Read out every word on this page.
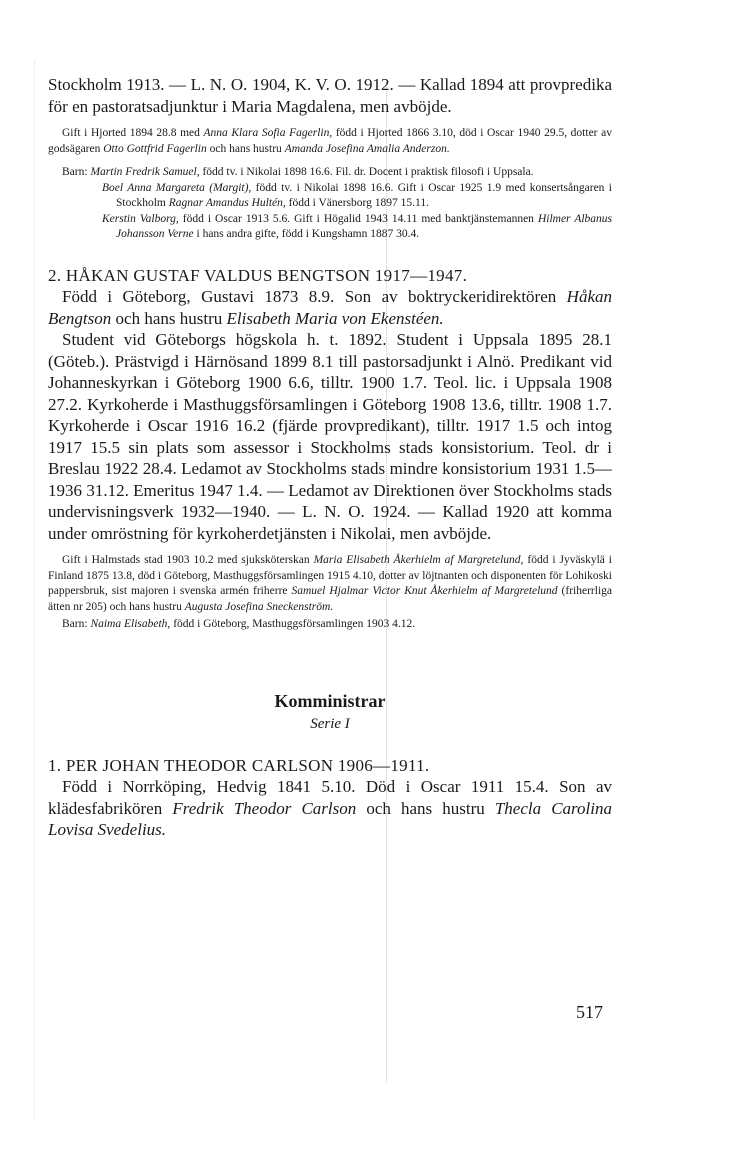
Stockholm 1913. — L. N. O. 1904, K. V. O. 1912. — Kallad 1894 att provpredika för en pastoratsadjunktur i Maria Magdalena, men avböjde.

Gift i Hjorted 1894 28.8 med Anna Klara Sofia Fagerlin, född i Hjorted 1866 3.10, död i Oscar 1940 29.5, dotter av godsägaren Otto Gottfrid Fagerlin och hans hustru Amanda Josefina Amalia Anderzon.

Barn: Martin Fredrik Samuel, född tv. i Nikolai 1898 16.6. Fil. dr. Docent i praktisk filosofi i Uppsala.

Boel Anna Margareta (Margit), född tv. i Nikolai 1898 16.6. Gift i Oscar 1925 1.9 med konsertsångaren i Stockholm Ragnar Amandus Hultén, född i Vänersborg 1897 15.11.

Kerstin Valborg, född i Oscar 1913 5.6. Gift i Högalid 1943 14.11 med banktjänstemannen Hilmer Albanus Johansson Verne i hans andra gifte, född i Kungshamn 1887 30.4.

2. HÅKAN GUSTAF VALDUS BENGTSON 1917—1947.

Född i Göteborg, Gustavi 1873 8.9. Son av boktryckeridirektören Håkan Bengtson och hans hustru Elisabeth Maria von Ekenstéen.

Student vid Göteborgs högskola h. t. 1892. Student i Uppsala 1895 28.1 (Göteb.). Prästvigd i Härnösand 1899 8.1 till pastorsadjunkt i Alnö. Predikant vid Johanneskyrkan i Göteborg 1900 6.6, tilltr. 1900 1.7. Teol. lic. i Uppsala 1908 27.2. Kyrkoherde i Masthuggsförsamlingen i Göteborg 1908 13.6, tilltr. 1908 1.7. Kyrkoherde i Oscar 1916 16.2 (fjärde provpredikant), tilltr. 1917 1.5 och intog 1917 15.5 sin plats som assessor i Stockholms stads konsistorium. Teol. dr i Breslau 1922 28.4. Ledamot av Stockholms stads mindre konsistorium 1931 1.5—1936 31.12. Emeritus 1947 1.4. — Ledamot av Direktionen över Stockholms stads undervisningsverk 1932—1940. — L. N. O. 1924. — Kallad 1920 att komma under omröstning för kyrkoherdetjänsten i Nikolai, men avböjde.

Gift i Halmstads stad 1903 10.2 med sjuksköterskan Maria Elisabeth Åkerhielm af Margretelund, född i Jyväskylä i Finland 1875 13.8, död i Göteborg, Masthuggsförsamlingen 1915 4.10, dotter av löjtnanten och disponenten för Lohikoski pappersbruk, sist majoren i svenska armén friherre Samuel Hjalmar Victor Knut Åkerhielm af Margretelund (friherrliga ätten nr 205) och hans hustru Augusta Josefina Sneckenström.

Barn: Naima Elisabeth, född i Göteborg, Masthuggsförsamlingen 1903 4.12.

Komministrar

Serie I

1. PER JOHAN THEODOR CARLSON 1906—1911.

Född i Norrköping, Hedvig 1841 5.10. Död i Oscar 1911 15.4. Son av klädesfabrikören Fredrik Theodor Carlson och hans hustru Thecla Carolina Lovisa Svedelius.

517
